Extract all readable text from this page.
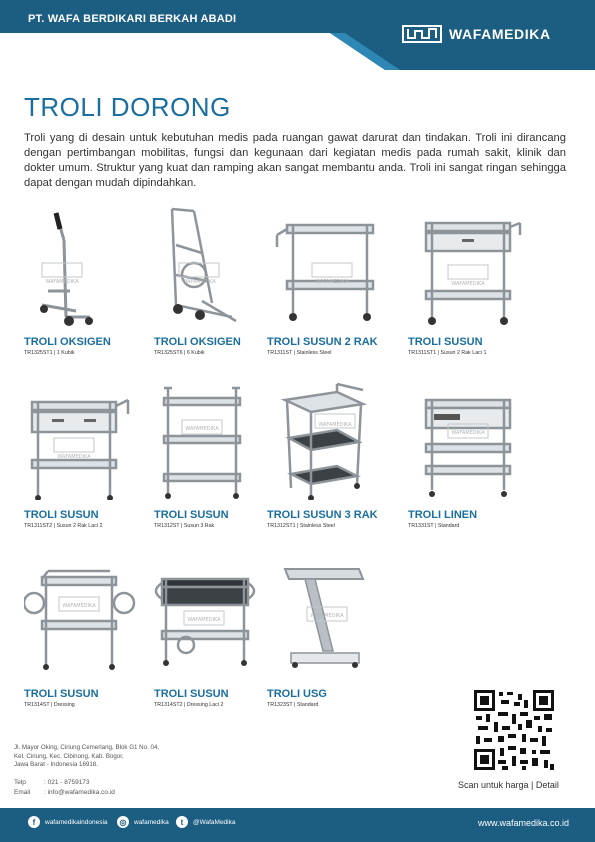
PT. WAFA BERDIKARI BERKAH ABADI
WAFAMEDIKA
TROLI DORONG

Troli yang di desain untuk kebutuhan medis pada ruangan gawat darurat dan tindakan. Troli ini dirancang dengan pertimbangan mobilitas, fungsi dan kegunaan dari kegiatan medis pada rumah sakit, klinik dan dokter umum. Struktur yang kuat dan ramping akan sangat membantu anda. Troli ini sangat ringan sehingga dapat dengan mudah dipindahkan.

WAFAMEDIKA
TROLI OKSIGEN
TR1325ST1 | 1 Kubik
WAFAMEDIKA
TROLI OKSIGEN
TR1325ST6 | 6 Kubik
WAFAMEDIKA
TROLI SUSUN 2 RAK
TR1311ST | Stainless Steel
WAFAMEDIKA
TROLI SUSUN
TR1311ST1 | Susun 2 Rak Laci 1
WAFAMEDIKA
TROLI SUSUN
TR1311ST2 | Susun 2 Rak Laci 2
WAFAMEDIKA
TROLI SUSUN
TR1312ST | Susun 3 Rak
WAFAMEDIKA
TROLI SUSUN 3 RAK
TR1312ST1 | Stainless Steel
WAFAMEDIKA
TROLI LINEN
TR1331ST | Standard
WAFAMEDIKA
TROLI SUSUN
TR1314ST | Dressing
WAFAMEDIKA
TROLI SUSUN
TR1314ST2 | Dressing Laci 2
WAFAMEDIKA
TROLI USG
TR1323ST | Standard
Scan untuk harga | Detail
Jl. Mayor Oking, Ciriung Cemerlang, Blok G1 No. 04,
Kel. Ciriung, Kec. Cibinong, Kab. Bogor,
Jawa Barat - Indonesia 16918.
Telp	: 021 - 8759173
Email : info@wafamedika.co.id
f	wafamedikaindonesia	◎	wafamedika	t	@WafaMedika	www.wafamedika.co.id
